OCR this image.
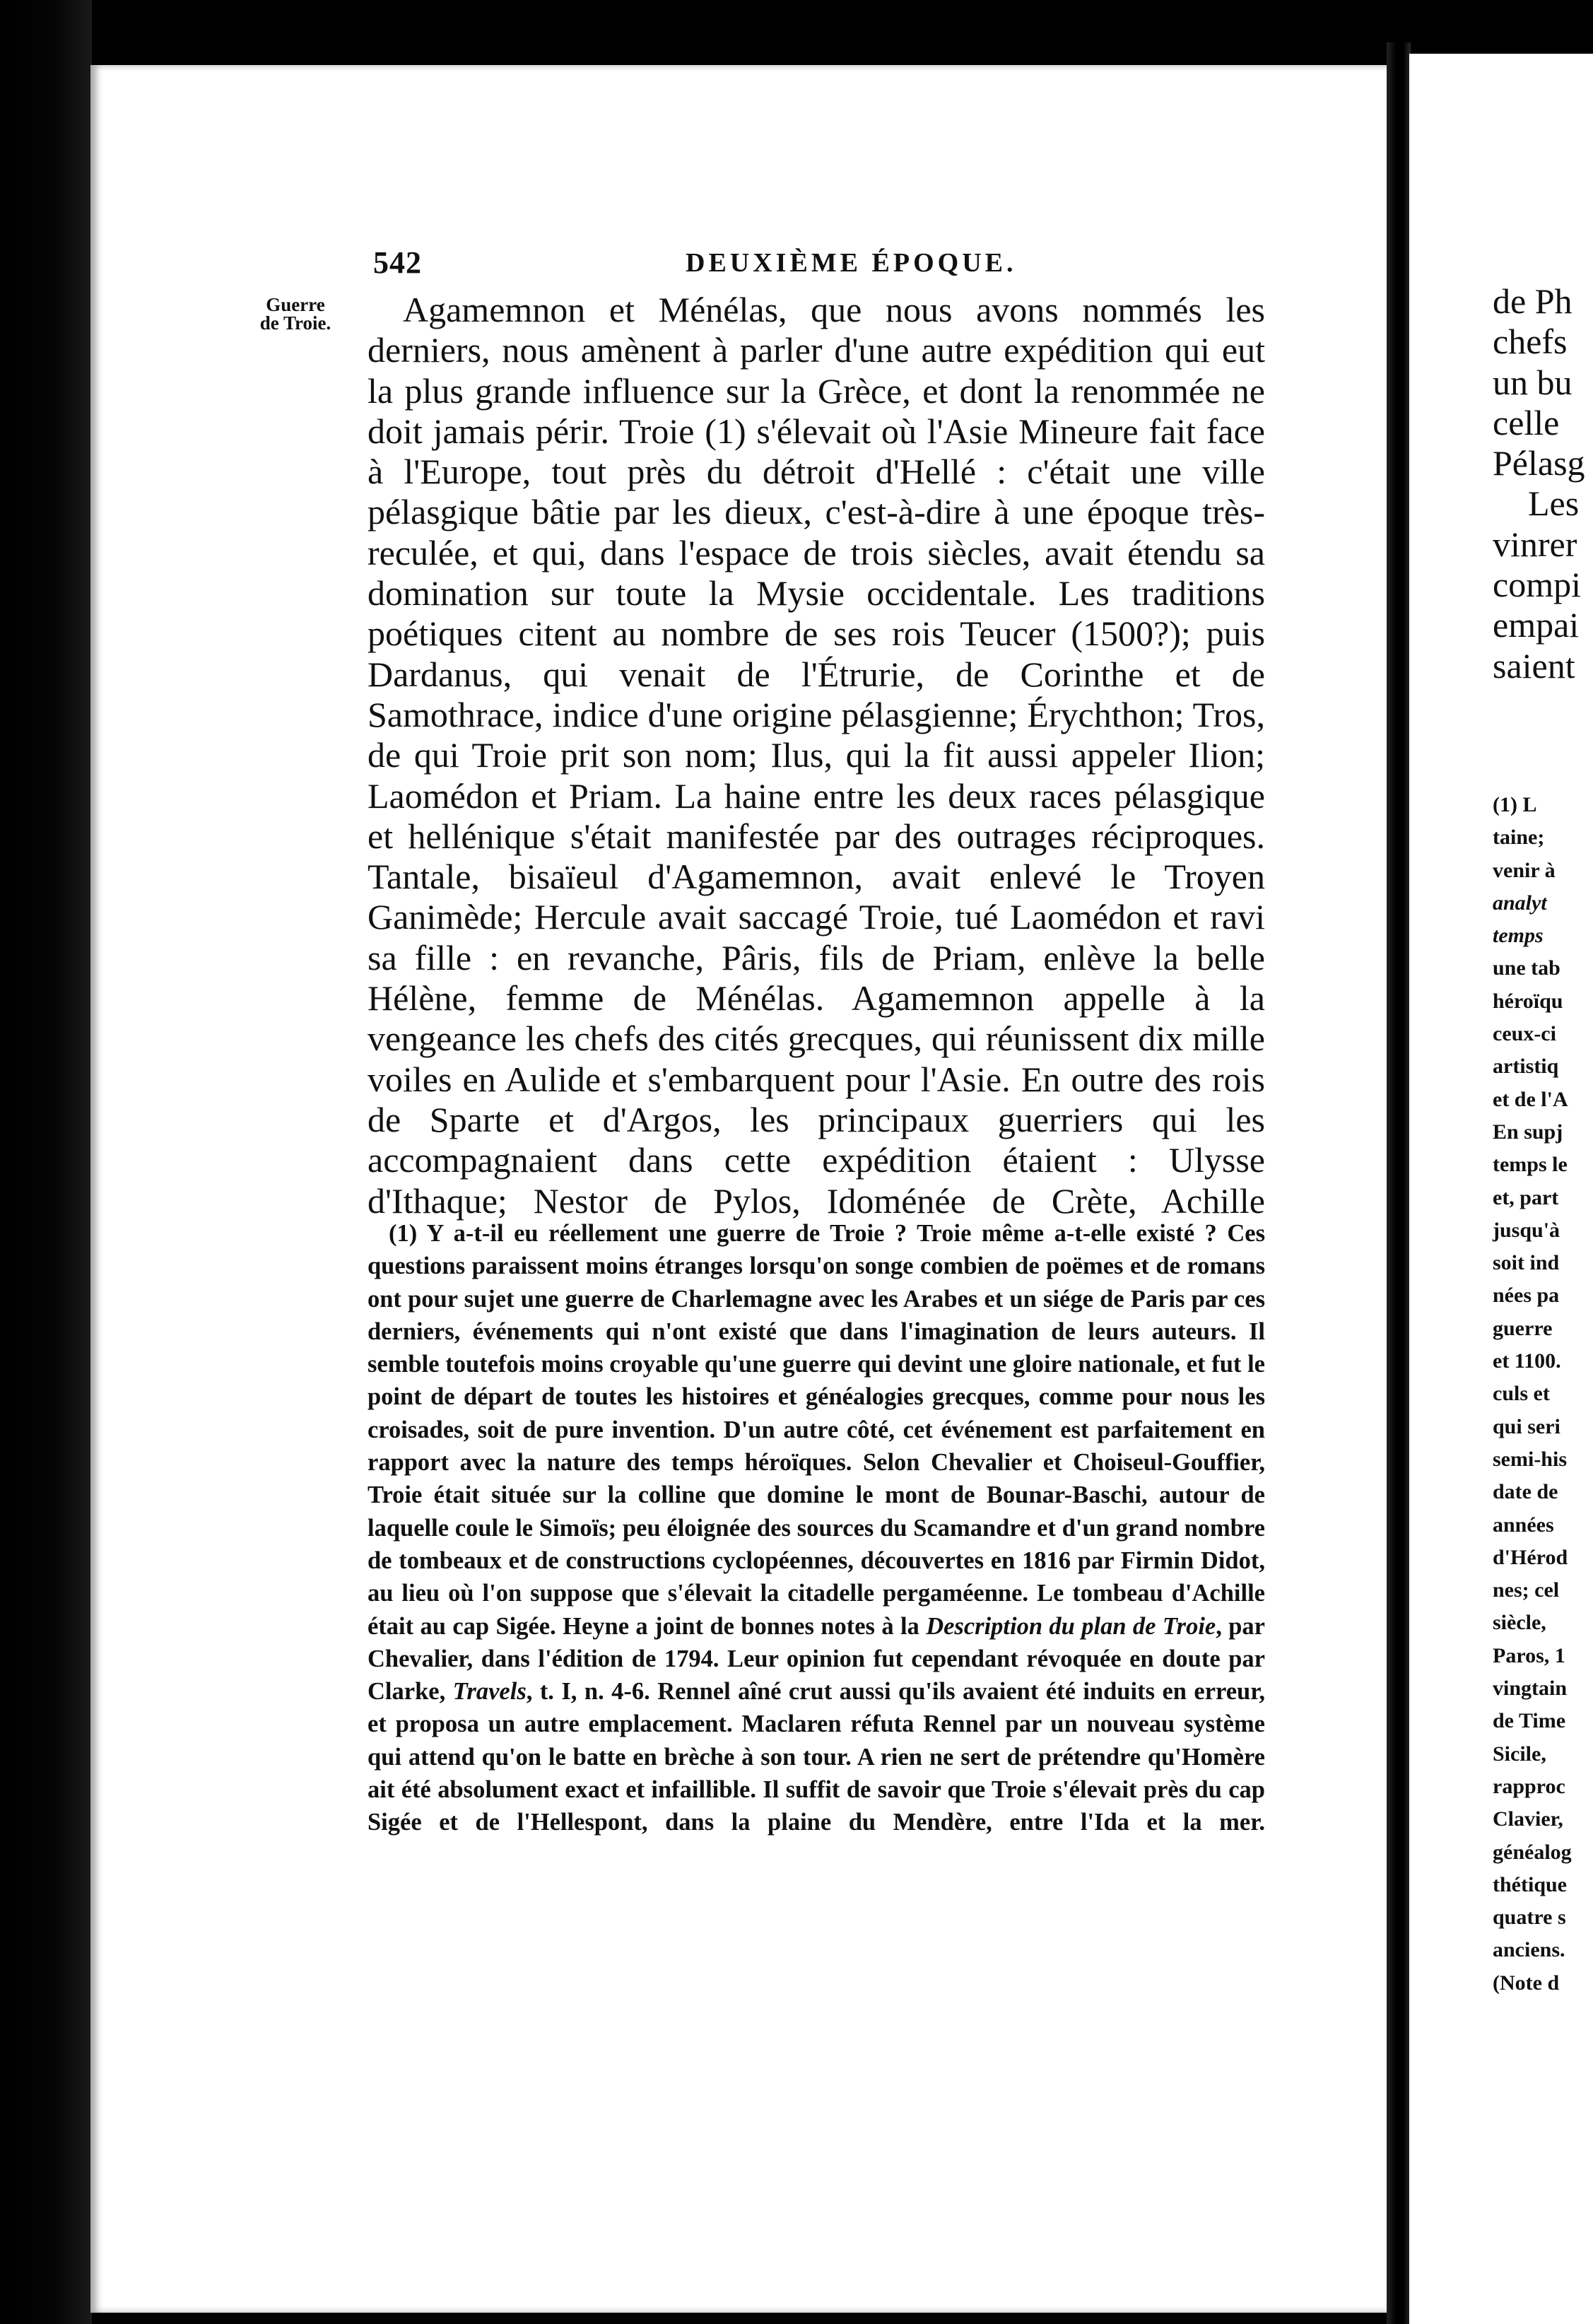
542	DEUXIÈME ÉPOQUE.
Guerre
de Troie.	Agamemnon et Ménélas, que nous avons nommés les derniers, nous amènent à parler d'une autre expédition qui eut la plus grande influence sur la Grèce, et dont la renommée ne doit jamais périr. Troie (1) s'élevait où l'Asie Mineure fait face à l'Europe, tout près du détroit d'Hellé : c'était une ville pélasgique bâtie par les dieux, c'est-à-dire à une époque très-reculée, et qui, dans l'espace de trois siècles, avait étendu sa domination sur toute la Mysie occidentale. Les traditions poétiques citent au nombre de ses rois Teucer (1500?); puis Dardanus, qui venait de l'Étrurie, de Corinthe et de Samothrace, indice d'une origine pélasgienne; Érychthon; Tros, de qui Troie prit son nom; Ilus, qui la fit aussi appeler Ilion; Laomédon et Priam. La haine entre les deux races pélasgique et hellénique s'était manifestée par des outrages réciproques. Tantale, bisaïeul d'Agamemnon, avait enlevé le Troyen Ganimède; Hercule avait saccagé Troie, tué Laomédon et ravi sa fille : en revanche, Pâris, fils de Priam, enlève la belle Hélène, femme de Ménélas. Agamemnon appelle à la vengeance les chefs des cités grecques, qui réunissent dix mille voiles en Aulide et s'embarquent pour l'Asie. En outre des rois de Sparte et d'Argos, les principaux guerriers qui les accompagnaient dans cette expédition étaient : Ulysse d'Ithaque; Nestor de Pylos, Idoménée de Crète, Achille

(1) Y a-t-il eu réellement une guerre de Troie ? Troie même a-t-elle existé ? Ces questions paraissent moins étranges lorsqu'on songe combien de poëmes et de romans ont pour sujet une guerre de Charlemagne avec les Arabes et un siége de Paris par ces derniers, événements qui n'ont existé que dans l'imagination de leurs auteurs. Il semble toutefois moins croyable qu'une guerre qui devint une gloire nationale, et fut le point de départ de toutes les histoires et généalogies grecques, comme pour nous les croisades, soit de pure invention. D'un autre côté, cet événement est parfaitement en rapport avec la nature des temps héroïques. Selon Chevalier et Choiseul-Gouffier, Troie était située sur la colline que domine le mont de Bounar-Baschi, autour de laquelle coule le Simoïs; peu éloignée des sources du Scamandre et d'un grand nombre de tombeaux et de constructions cyclopéennes, découvertes en 1816 par Firmin Didot, au lieu où l'on suppose que s'élevait la citadelle pergaméenne. Le tombeau d'Achille était au cap Sigée. Heyne a joint de bonnes notes à la Description du plan de Troie, par Chevalier, dans l'édition de 1794. Leur opinion fut cependant révoquée en doute par Clarke, Travels, t. I, n. 4-6. Rennel aîné crut aussi qu'ils avaient été induits en erreur, et proposa un autre emplacement. Maclaren réfuta Rennel par un nouveau système qui attend qu'on le batte en brèche à son tour. A rien ne sert de prétendre qu'Homère ait été absolument exact et infaillible. Il suffit de savoir que Troie s'élevait près du cap Sigée et de l'Hellespont, dans la plaine du Mendère, entre l'Ida et la mer.

de Ph
chefs
un bu
celle
Pélasg
Les
vinrer
compi
empai
saient
(1) L
taine;
venir à
analyt
temps
une tab
héroïqu
ceux-ci
artistiq
et de l'A
En supj
temps le
et, part
jusqu'à
soit ind
nées pa
guerre
et 1100.
culs et
qui seri
semi-his
date de
années
d'Hérod
nes; cel
siècle,
Paros, 1
vingtain
de Time
Sicile,
rapproc
Clavier,
généalog
thétique
quatre s
anciens.
(Note d
